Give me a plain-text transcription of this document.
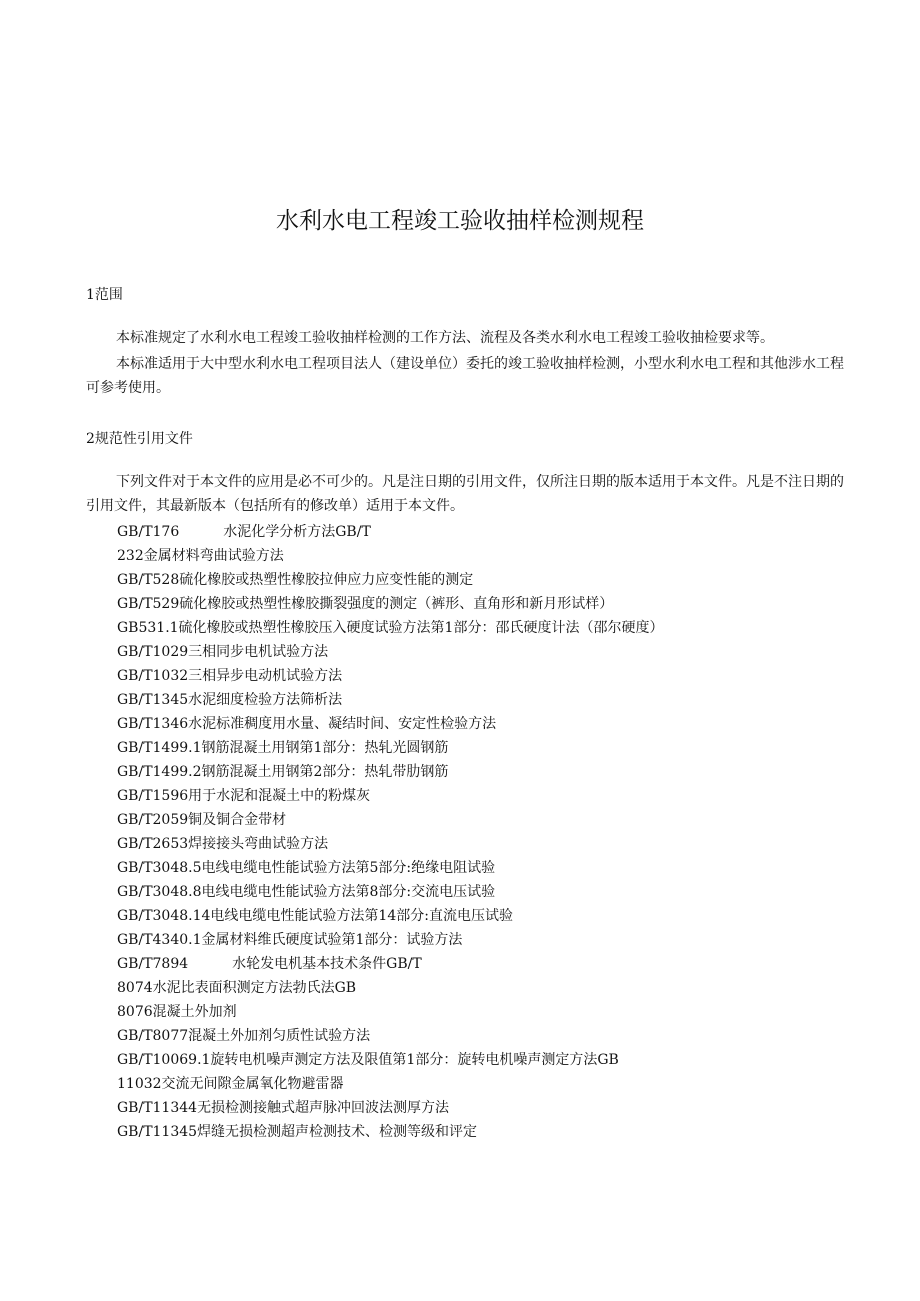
水利水电工程竣工验收抽样检测规程
1范围

本标准规定了水利水电工程竣工验收抽样检测的工作方法、流程及各类水利水电工程竣工验收抽检要求等。

本标准适用于大中型水利水电工程项目法人（建设单位）委托的竣工验收抽样检测，小型水利水电工程和其他涉水工程可参考使用。

2规范性引用文件

下列文件对于本文件的应用是必不可少的。凡是注日期的引用文件，仅所注日期的版本适用于本文件。凡是不注日期的引用文件，其最新版本（包括所有的修改单）适用于本文件。

GB/T176	水泥化学分析方法GB/T
232金属材料弯曲试验方法
GB/T528硫化橡胶或热塑性橡胶拉伸应力应变性能的测定
GB/T529硫化橡胶或热塑性橡胶撕裂强度的测定（裤形、直角形和新月形试样）
GB531.1硫化橡胶或热塑性橡胶压入硬度试验方法第1部分：邵氏硬度计法（邵尔硬度）
GB/T1029三相同步电机试验方法
GB/T1032三相异步电动机试验方法
GB/T1345水泥细度检验方法筛析法
GB/T1346水泥标准稠度用水量、凝结时间、安定性检验方法
GB/T1499.1钢筋混凝土用钢第1部分：热轧光圆钢筋
GB/T1499.2钢筋混凝土用钢第2部分：热轧带肋钢筋
GB/T1596用于水泥和混凝土中的粉煤灰
GB/T2059铜及铜合金带材
GB/T2653焊接接头弯曲试验方法
GB/T3048.5电线电缆电性能试验方法第5部分:绝缘电阻试验
GB/T3048.8电线电缆电性能试验方法第8部分:交流电压试验
GB/T3048.14电线电缆电性能试验方法第14部分:直流电压试验
GB/T4340.1金属材料维氏硬度试验第1部分：试验方法
GB/T7894	水轮发电机基本技术条件GB/T
8074水泥比表面积测定方法勃氏法GB
8076混凝土外加剂
GB/T8077混凝土外加剂匀质性试验方法
GB/T10069.1旋转电机噪声测定方法及限值第1部分：旋转电机噪声测定方法GB
11032交流无间隙金属氧化物避雷器
GB/T11344无损检测接触式超声脉冲回波法测厚方法
GB/T11345焊缝无损检测超声检测技术、检测等级和评定
